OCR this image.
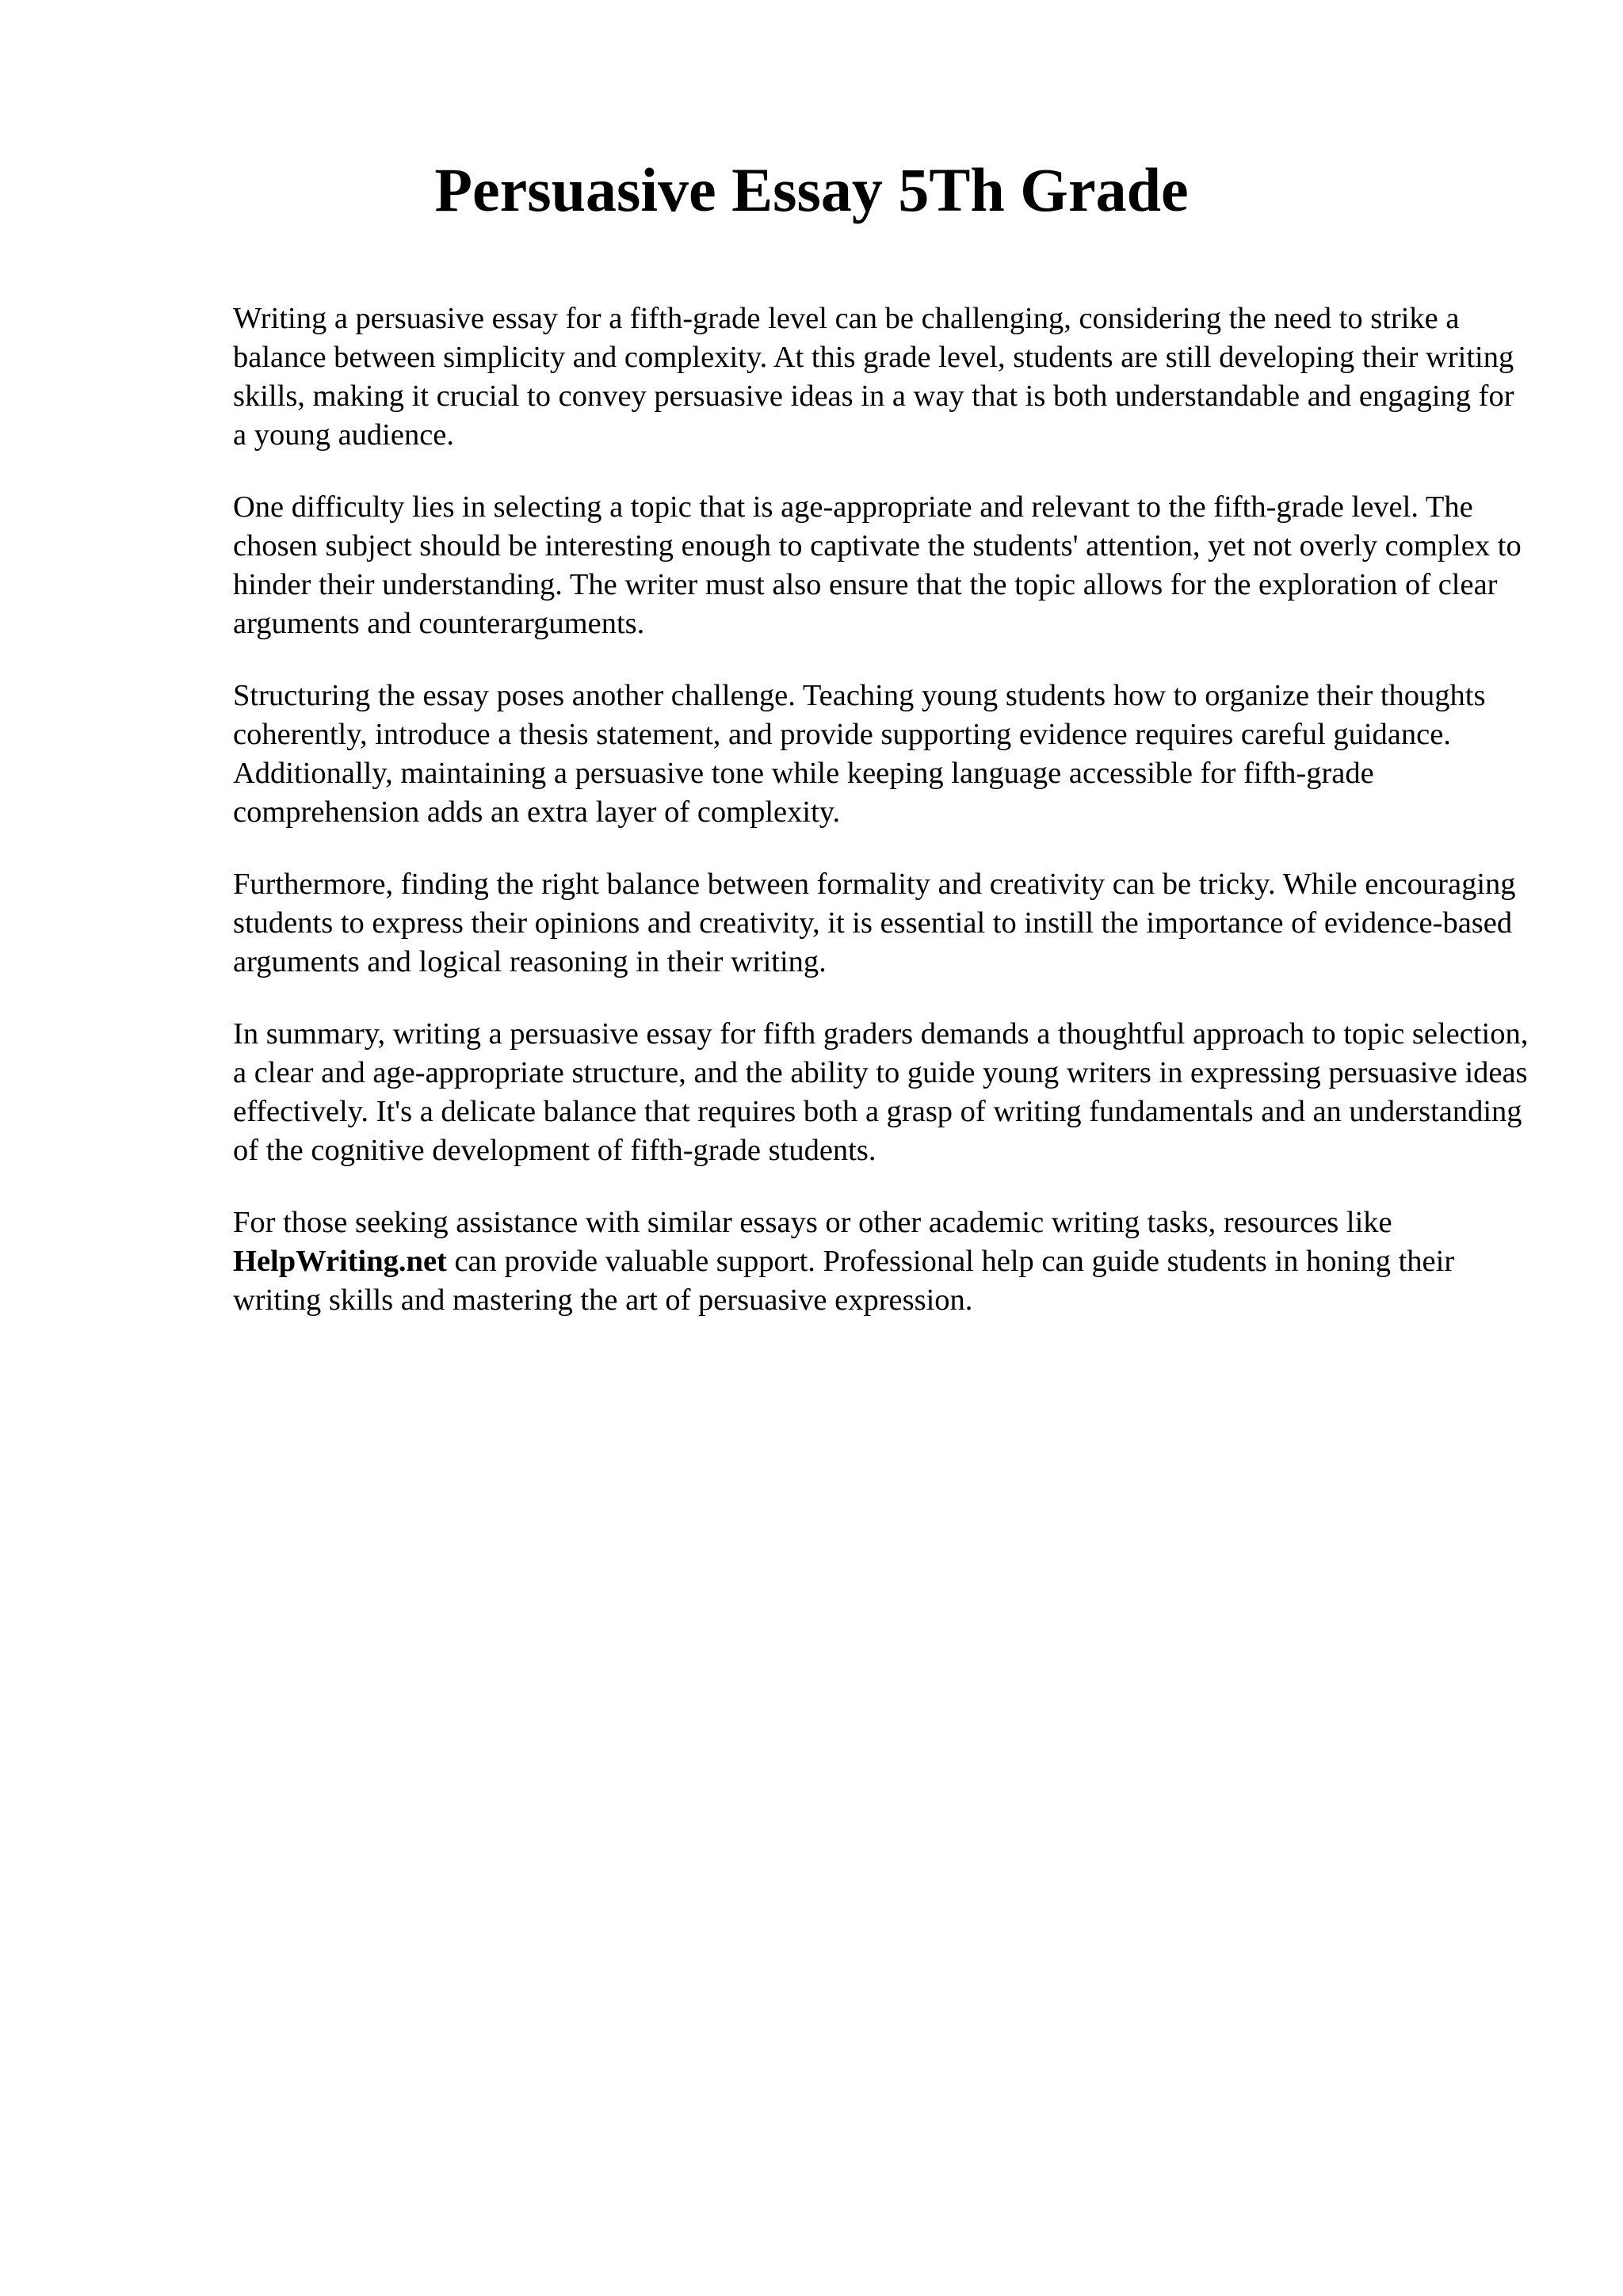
Persuasive Essay 5Th Grade

Writing a persuasive essay for a fifth-grade level can be challenging, considering the need to strike a balance between simplicity and complexity. At this grade level, students are still developing their writing skills, making it crucial to convey persuasive ideas in a way that is both understandable and engaging for a young audience.

One difficulty lies in selecting a topic that is age-appropriate and relevant to the fifth-grade level. The chosen subject should be interesting enough to captivate the students' attention, yet not overly complex to hinder their understanding. The writer must also ensure that the topic allows for the exploration of clear arguments and counterarguments.

Structuring the essay poses another challenge. Teaching young students how to organize their thoughts coherently, introduce a thesis statement, and provide supporting evidence requires careful guidance. Additionally, maintaining a persuasive tone while keeping language accessible for fifth-grade comprehension adds an extra layer of complexity.

Furthermore, finding the right balance between formality and creativity can be tricky. While encouraging students to express their opinions and creativity, it is essential to instill the importance of evidence-based arguments and logical reasoning in their writing.

In summary, writing a persuasive essay for fifth graders demands a thoughtful approach to topic selection, a clear and age-appropriate structure, and the ability to guide young writers in expressing persuasive ideas effectively. It's a delicate balance that requires both a grasp of writing fundamentals and an understanding of the cognitive development of fifth-grade students.

For those seeking assistance with similar essays or other academic writing tasks, resources like HelpWriting.net can provide valuable support. Professional help can guide students in honing their writing skills and mastering the art of persuasive expression.
